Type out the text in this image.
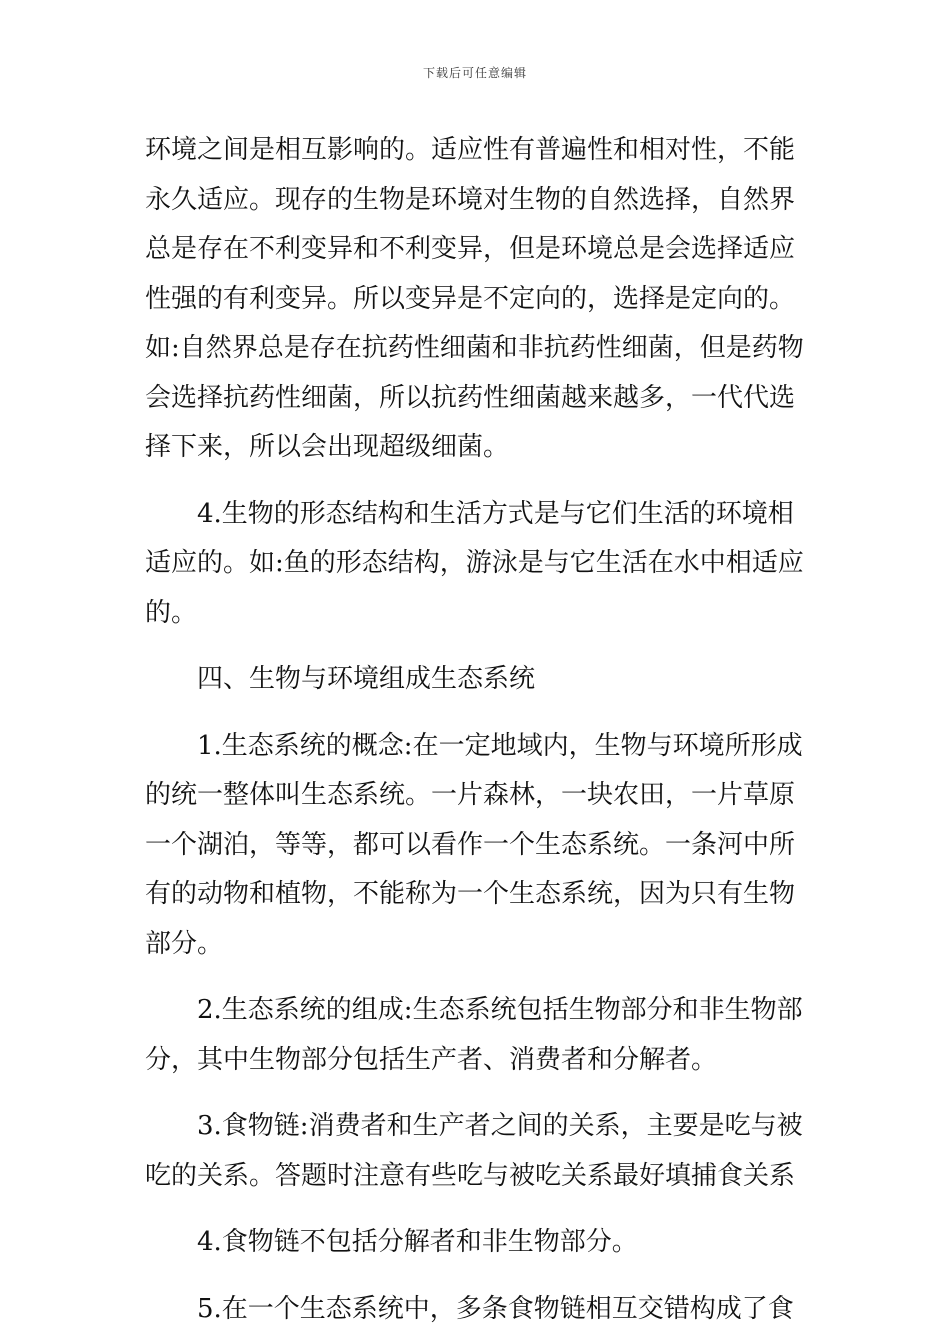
下载后可任意编辑
环境之间是相互影响的。适应性有普遍性和相对性，不能
永久适应。现存的生物是环境对生物的自然选择，自然界
总是存在不利变异和不利变异，但是环境总是会选择适应
性强的有利变异。所以变异是不定向的，选择是定向的。
如:自然界总是存在抗药性细菌和非抗药性细菌，但是药物
会选择抗药性细菌，所以抗药性细菌越来越多，一代代选
择下来，所以会出现超级细菌。
4.生物的形态结构和生活方式是与它们生活的环境相
适应的。如:鱼的形态结构，游泳是与它生活在水中相适应
的。
四、生物与环境组成生态系统
1.生态系统的概念:在一定地域内，生物与环境所形成
的统一整体叫生态系统。一片森林，一块农田，一片草原
一个湖泊，等等，都可以看作一个生态系统。一条河中所
有的动物和植物，不能称为一个生态系统，因为只有生物
部分。
2.生态系统的组成:生态系统包括生物部分和非生物部
分，其中生物部分包括生产者、消费者和分解者。
3.食物链:消费者和生产者之间的关系，主要是吃与被
吃的关系。答题时注意有些吃与被吃关系最好填捕食关系
4.食物链不包括分解者和非生物部分。
5.在一个生态系统中，多条食物链相互交错构成了食
